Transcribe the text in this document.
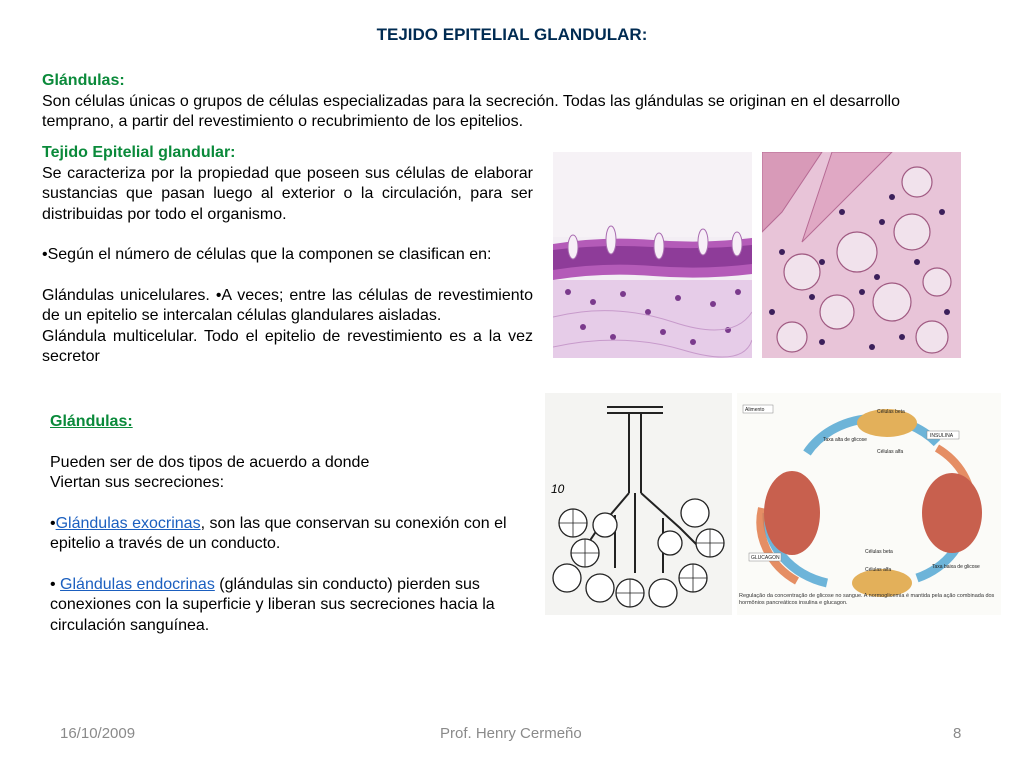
TEJIDO EPITELIAL GLANDULAR:
Glándulas:
Son células únicas o grupos de células especializadas para la secreción. Todas las glándulas se originan en el desarrollo temprano, a partir del revestimiento o recubrimiento de los epitelios.
Tejido Epitelial glandular:
Se caracteriza por la propiedad que poseen sus células de elaborar sustancias que pasan luego al exterior o la circulación, para ser distribuidas por todo el organismo.
•Según el número de células que la componen se clasifican en:
Glándulas unicelulares. •A veces; entre las células de revestimiento de un epitelio se intercalan células glandulares aisladas.
Glándula multicelular. Todo el epitelio de revestimiento es a la vez secretor
Glándulas:
Pueden ser de dos tipos de acuerdo a donde
Viertan sus secreciones:
•Glándulas exocrinas, son las que conservan su conexión con el epitelio a través de un conducto.
• Glándulas endocrinas (glándulas sin conducto) pierden sus conexiones con la superficie y liberan sus secreciones hacia la circulación sanguínea.
10
Alimento	Células beta
Taxa alta de glicose
INSULINA
Células alfa
GLUCAGON
Taxa baixa de glicose
Células beta
Células alfa
Regulação da concentração de glicose no sangue. A normoglicemia é mantida pela ação combinada dos hormônios pancreáticos insulina e glucagon.
16/10/2009	Prof. Henry Cermeño	8
